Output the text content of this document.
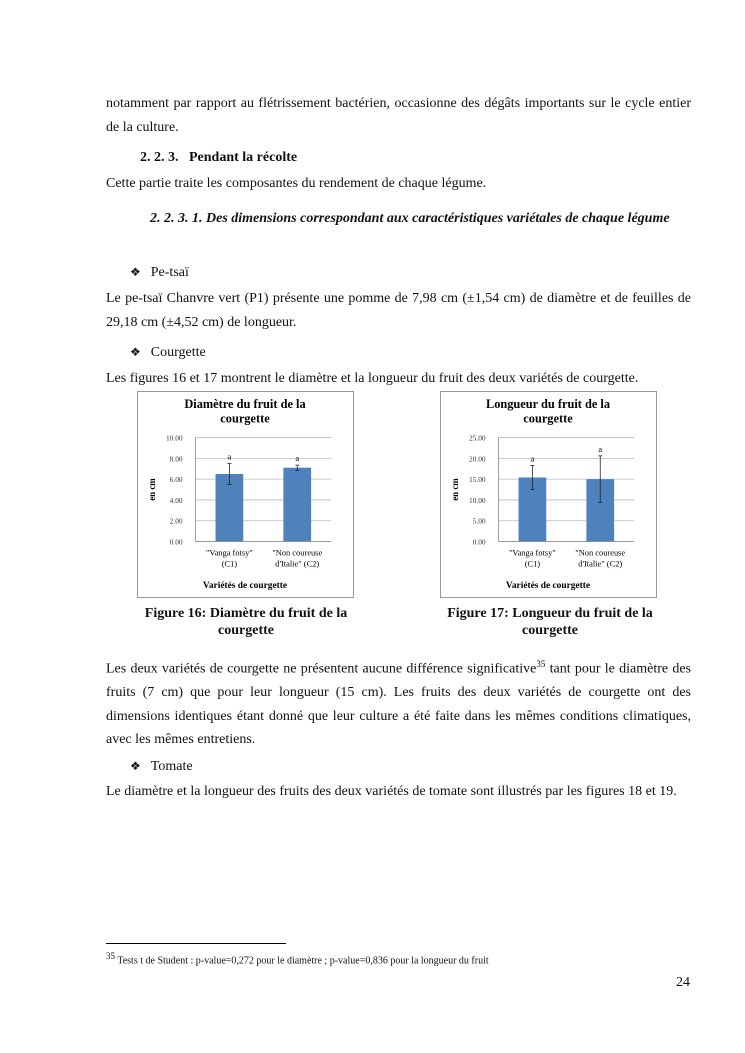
notamment par rapport au flétrissement bactérien, occasionne des dégâts importants sur le cycle entier de la culture.

2. 2. 3. Pendant la récolte

Cette partie traite les composantes du rendement de chaque légume.

2. 2. 3. 1. Des dimensions correspondant aux caractéristiques variétales de chaque légume

❖ Pe-tsaï

Le pe-tsaï Chanvre vert (P1) présente une pomme de 7,98 cm (±1,54 cm) de diamètre et de feuilles de 29,18 cm (±4,52 cm) de longueur.

❖ Courgette

Les figures 16 et 17 montrent le diamètre et la longueur du fruit des deux variétés de courgette.

Diamètre du fruit de la
courgette
0.00
2.00
4.00
6.00
8.00
10.00
en cm
a
"Vanga fotsy"
(C1)
a
"Non coureuse
d'Italie" (C2)
Variétés de courgette
Longueur du fruit de la
courgette
0.00
5.00
10.00
15.00
20.00
25.00
en cm
a
"Vanga fotsy"
(C1)
a
"Non coureuse
d'Italie" (C2)
Variétés de courgette
Figure 16: Diamètre du fruit de la courgette
Figure 17: Longueur du fruit de la courgette

Les deux variétés de courgette ne présentent aucune différence significative$^{35}$ tant pour le diamètre des fruits (7 cm) que pour leur longueur (15 cm). Les fruits des deux variétés de courgette ont des dimensions identiques étant donné que leur culture a été faite dans les mêmes conditions climatiques, avec les mêmes entretiens.

❖ Tomate

Le diamètre et la longueur des fruits des deux variétés de tomate sont illustrés par les figures 18 et 19.

$^{35}$ Tests t de Student : p-value=0,272 pour le diamètre ; p-value=0,836 pour la longueur du fruit
24
